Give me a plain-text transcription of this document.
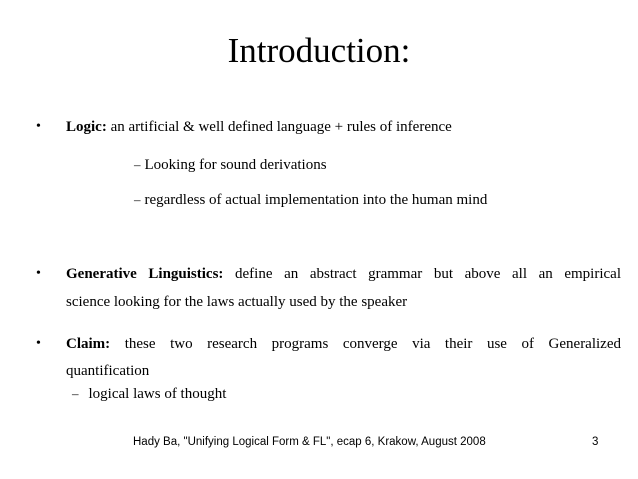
Introduction:
• Logic: an artificial & well defined language + rules of inference
– Looking for sound derivations
– regardless of actual implementation into the human mind
• Generative Linguistics: define an abstract grammar but above all an empirical
science looking for the laws actually used by the speaker
• Claim: these two research programs converge via their use of Generalized
quantification
– logical laws of thought
Hady Ba, "Unifying Logical Form & FL", ecap 6, Krakow, August 2008	3
